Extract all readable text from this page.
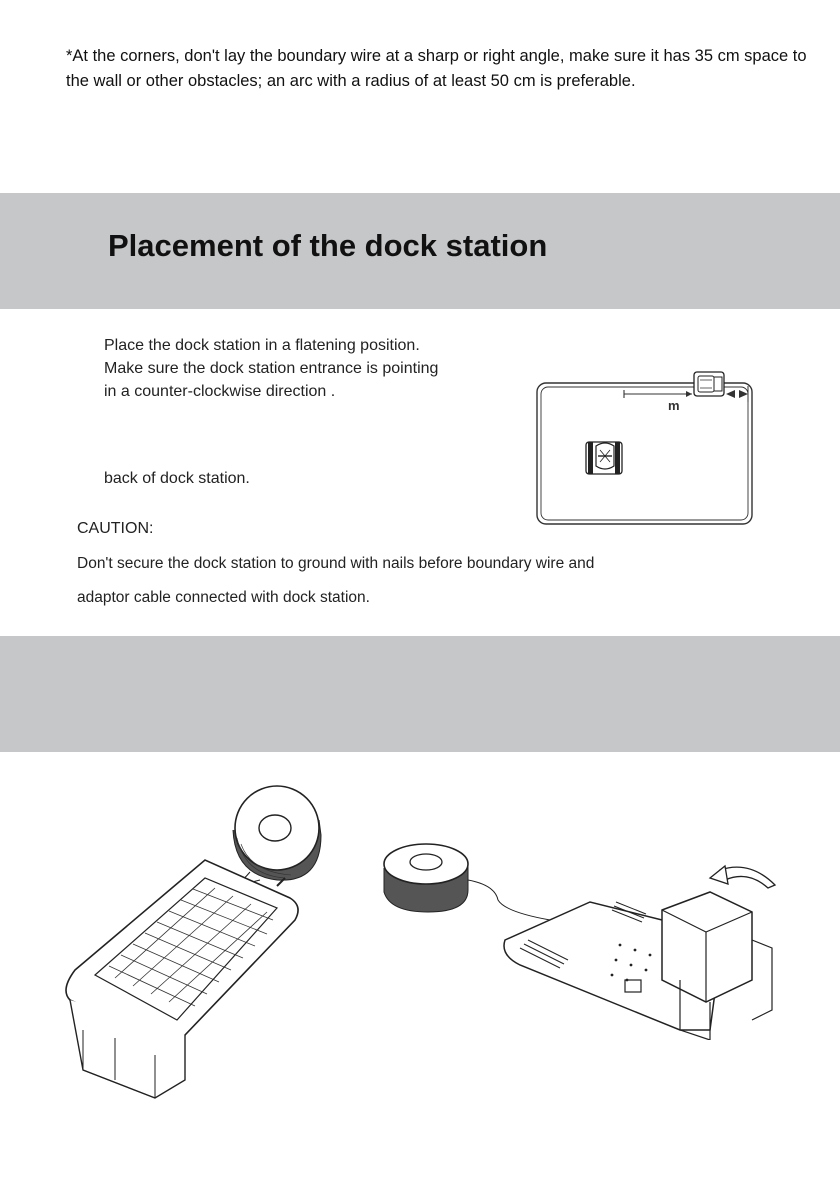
*At the corners, don't lay the boundary wire at a sharp or right angle, make sure it has 35 cm space to the wall or other obstacles; an arc with a radius of at least 50 cm is preferable.
Placement of the dock station
Place the dock station in a flatening position.
Make sure the dock station entrance is pointing
in a counter-clockwise direction .
back of dock station.
CAUTION:
Don't secure the dock station to ground with nails before boundary wire and
adaptor cable connected with dock station.
m
